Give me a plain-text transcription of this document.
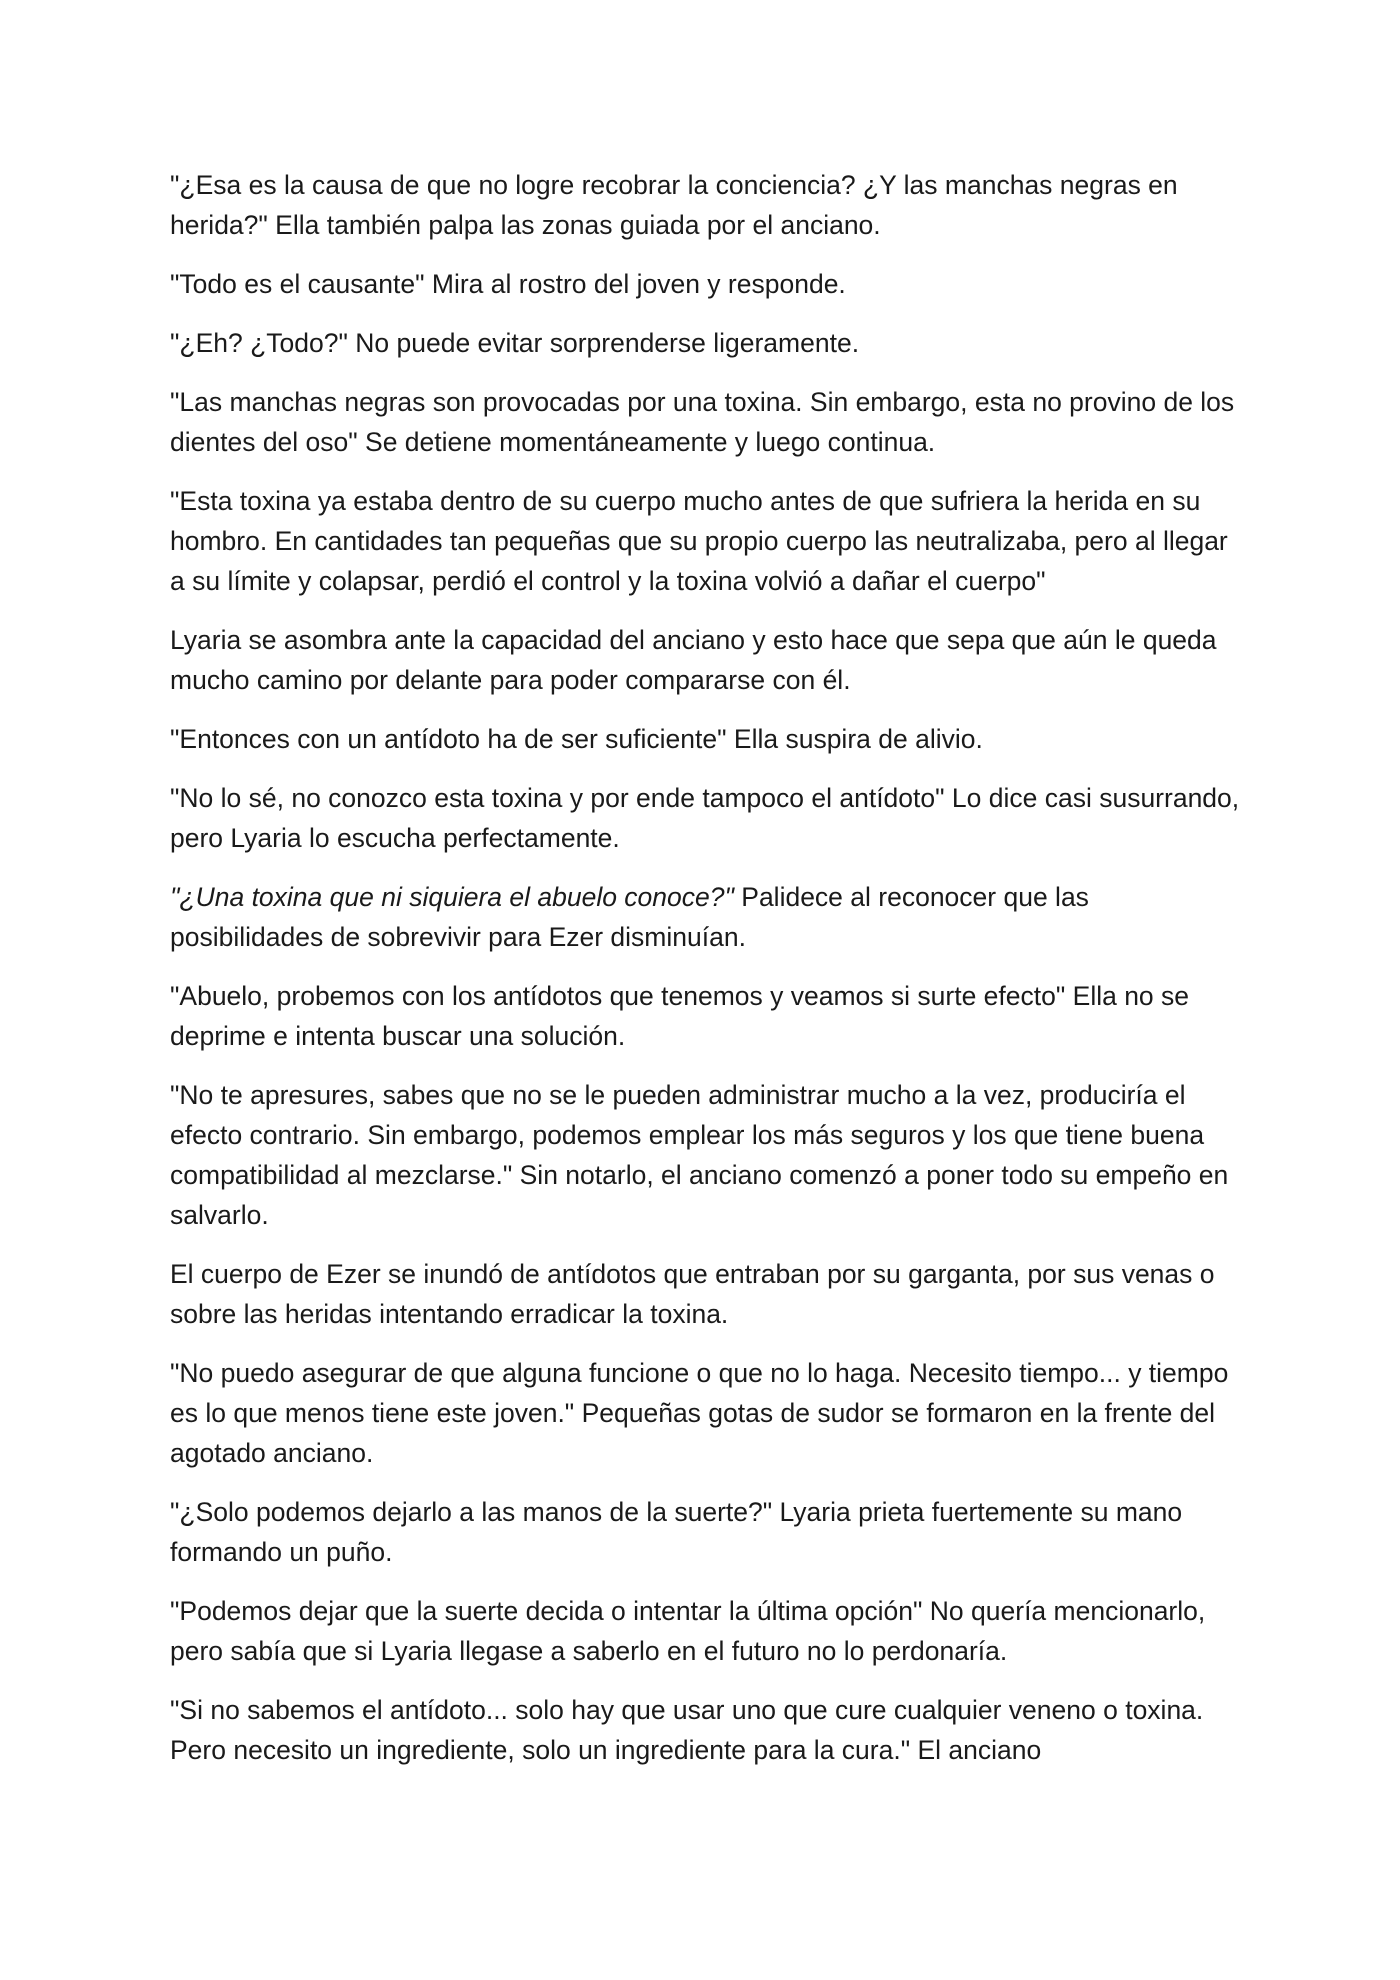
"¿Esa es la causa de que no logre recobrar la conciencia? ¿Y las manchas negras en herida?" Ella también palpa las zonas guiada por el anciano.

"Todo es el causante" Mira al rostro del joven y responde.

"¿Eh? ¿Todo?" No puede evitar sorprenderse ligeramente.

"Las manchas negras son provocadas por una toxina. Sin embargo, esta no provino de los dientes del oso" Se detiene momentáneamente y luego continua.

"Esta toxina ya estaba dentro de su cuerpo mucho antes de que sufriera la herida en su hombro. En cantidades tan pequeñas que su propio cuerpo las neutralizaba, pero al llegar a su límite y colapsar, perdió el control y la toxina volvió a dañar el cuerpo"

Lyaria se asombra ante la capacidad del anciano y esto hace que sepa que aún le queda mucho camino por delante para poder compararse con él.

"Entonces con un antídoto ha de ser suficiente" Ella suspira de alivio.

"No lo sé, no conozco esta toxina y por ende tampoco el antídoto" Lo dice casi susurrando, pero Lyaria lo escucha perfectamente.

"¿Una toxina que ni siquiera el abuelo conoce?" Palidece al reconocer que las posibilidades de sobrevivir para Ezer disminuían.

"Abuelo, probemos con los antídotos que tenemos y veamos si surte efecto" Ella no se deprime e intenta buscar una solución.

"No te apresures, sabes que no se le pueden administrar mucho a la vez, produciría el efecto contrario. Sin embargo, podemos emplear los más seguros y los que tiene buena compatibilidad al mezclarse." Sin notarlo, el anciano comenzó a poner todo su empeño en salvarlo.

El cuerpo de Ezer se inundó de antídotos que entraban por su garganta, por sus venas o sobre las heridas intentando erradicar la toxina.

"No puedo asegurar de que alguna funcione o que no lo haga. Necesito tiempo... y tiempo es lo que menos tiene este joven." Pequeñas gotas de sudor se formaron en la frente del agotado anciano.

"¿Solo podemos dejarlo a las manos de la suerte?" Lyaria prieta fuertemente su mano formando un puño.

"Podemos dejar que la suerte decida o intentar la última opción" No quería mencionarlo, pero sabía que si Lyaria llegase a saberlo en el futuro no lo perdonaría.

"Si no sabemos el antídoto... solo hay que usar uno que cure cualquier veneno o toxina. Pero necesito un ingrediente, solo un ingrediente para la cura." El anciano
